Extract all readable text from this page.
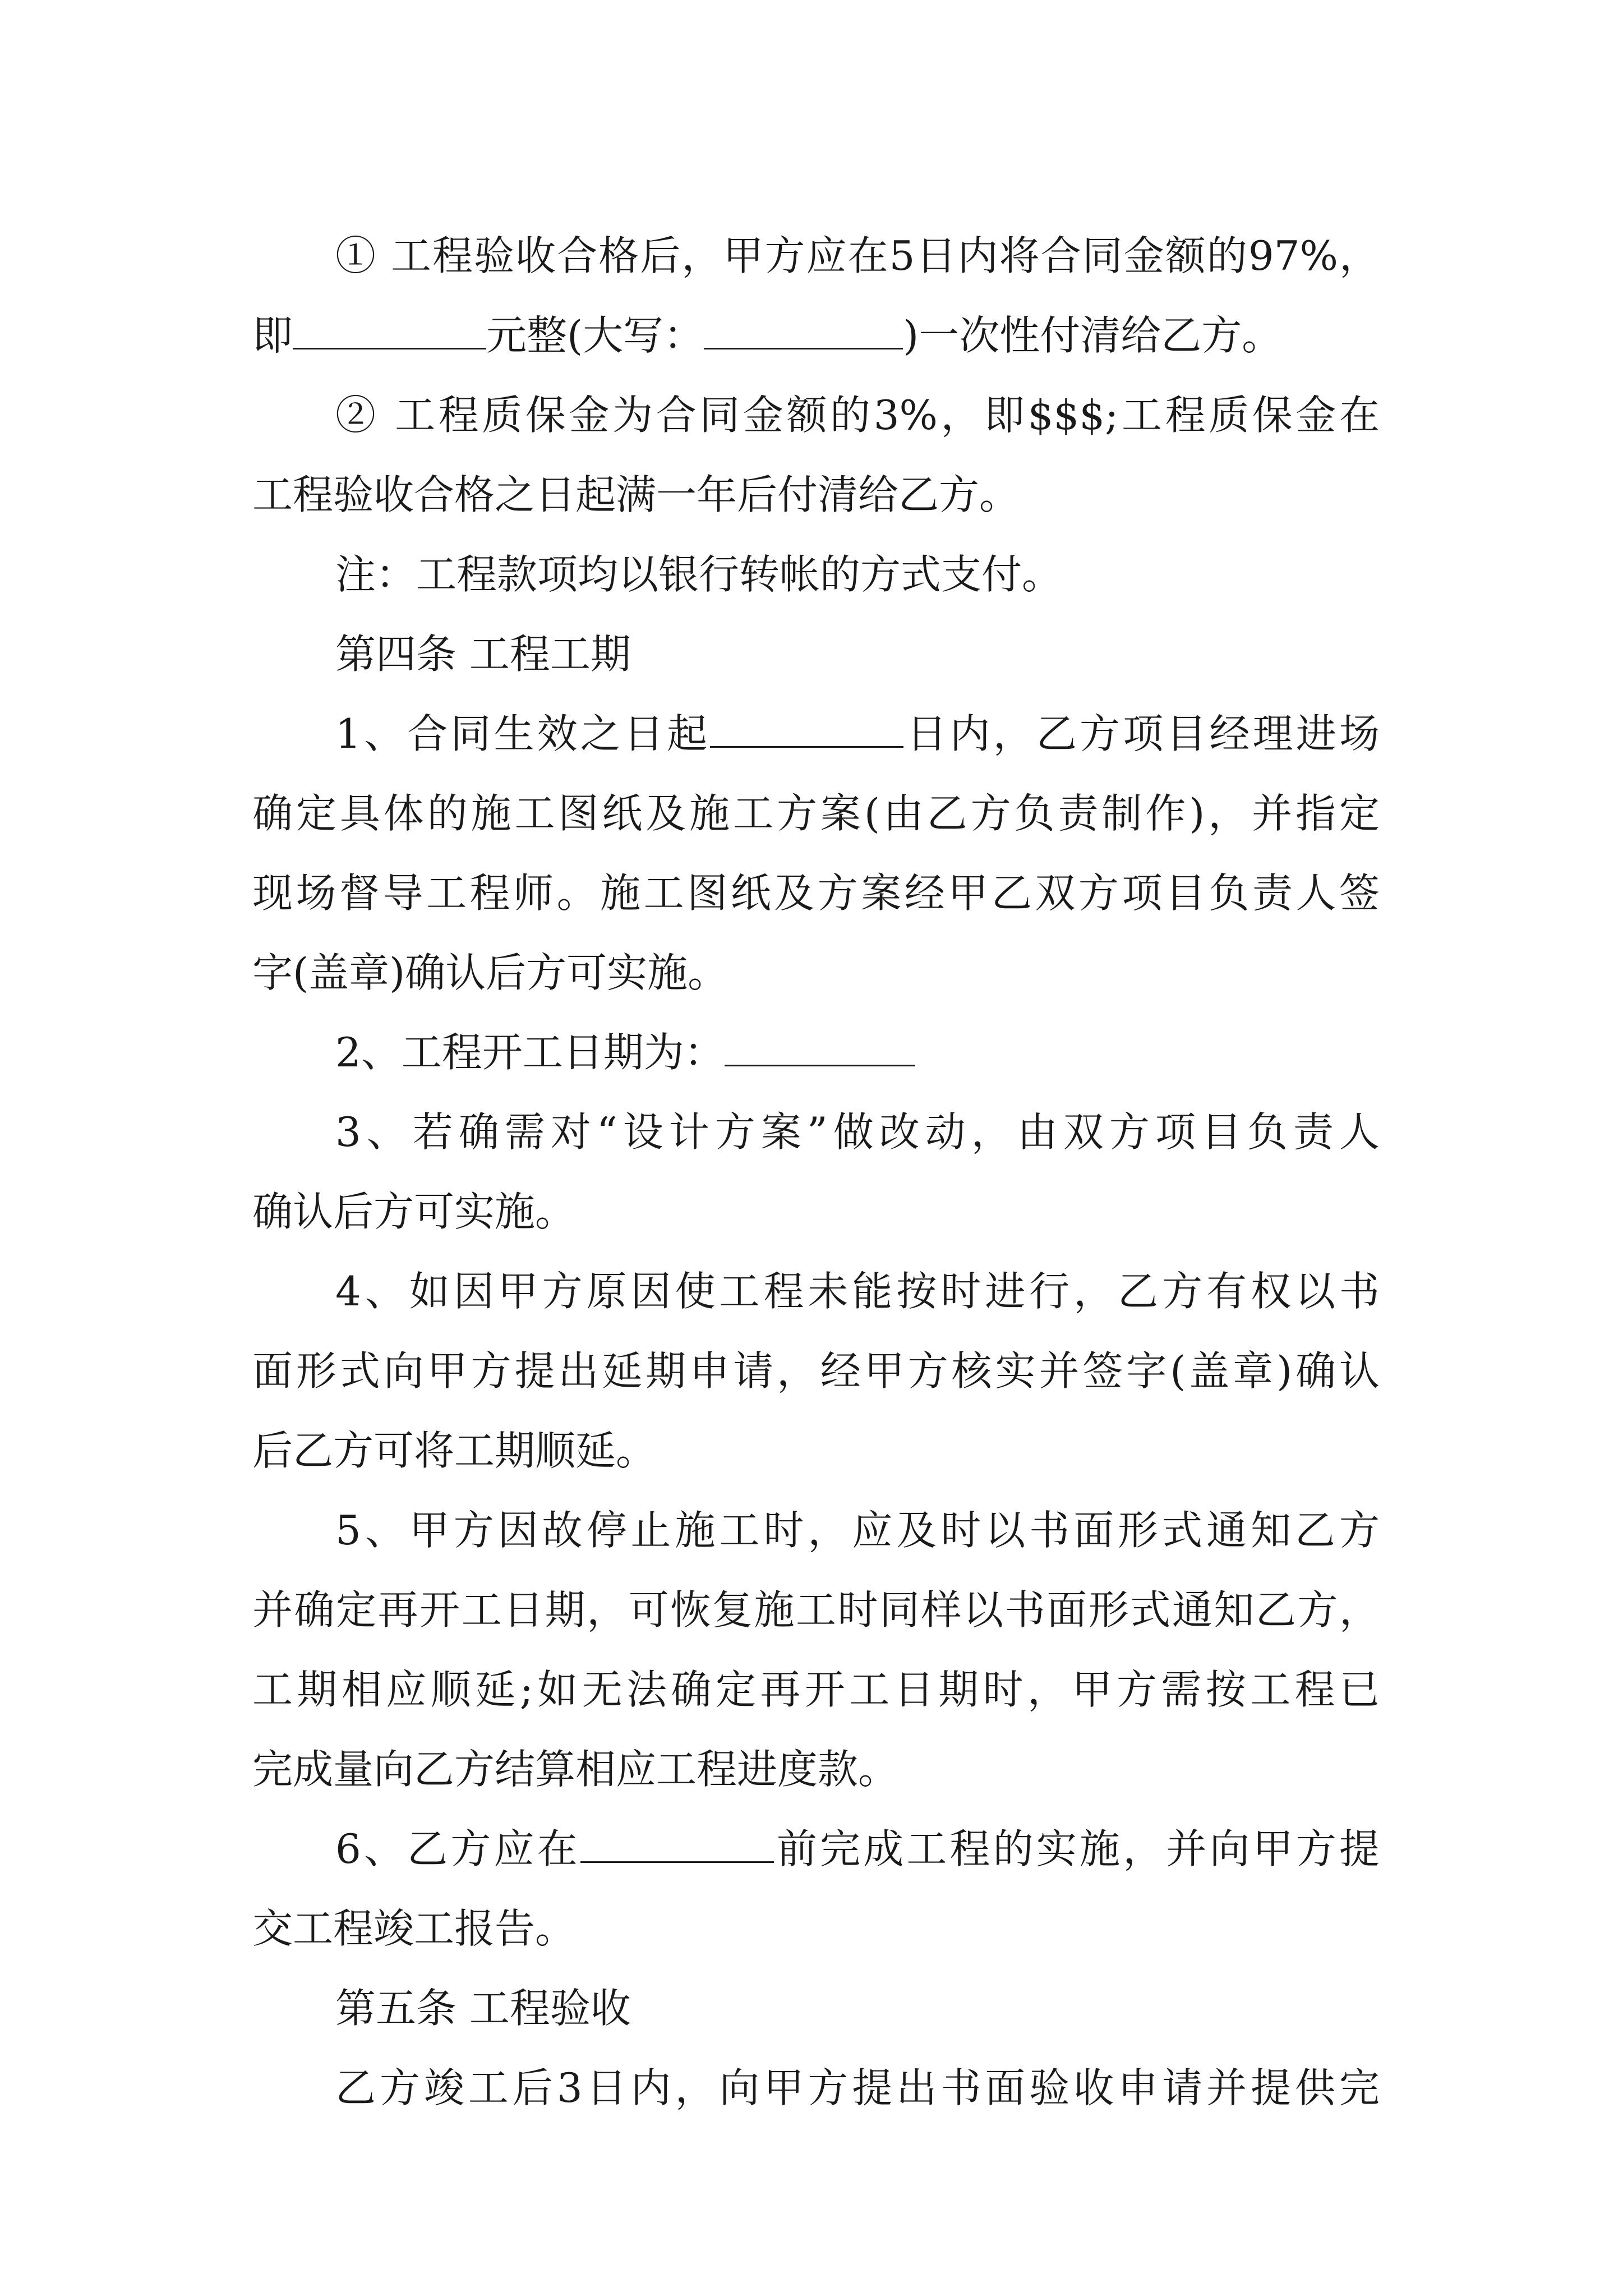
① 工程验收合格后，甲方应在5日内将合同金额的97%，
即	元整(大写：	)一次性付清给乙方。
② 工程质保金为合同金额的3%，即$$$;工程质保金在
工程验收合格之日起满一年后付清给乙方。
注：工程款项均以银行转帐的方式支付。
第四条 工程工期
1、合同生效之日起	日内，乙方项目经理进场
确定具体的施工图纸及施工方案(由乙方负责制作)，并指定
现场督导工程师。施工图纸及方案经甲乙双方项目负责人签
字(盖章)确认后方可实施。
2、工程开工日期为：
3、若确需对“设计方案”做改动，由双方项目负责人
确认后方可实施。
4、如因甲方原因使工程未能按时进行，乙方有权以书
面形式向甲方提出延期申请，经甲方核实并签字(盖章)确认
后乙方可将工期顺延。
5、甲方因故停止施工时，应及时以书面形式通知乙方
并确定再开工日期，可恢复施工时同样以书面形式通知乙方，
工期相应顺延;如无法确定再开工日期时，甲方需按工程已
完成量向乙方结算相应工程进度款。
6、乙方应在	前完成工程的实施，并向甲方提
交工程竣工报告。
第五条 工程验收
乙方竣工后3日内，向甲方提出书面验收申请并提供完
